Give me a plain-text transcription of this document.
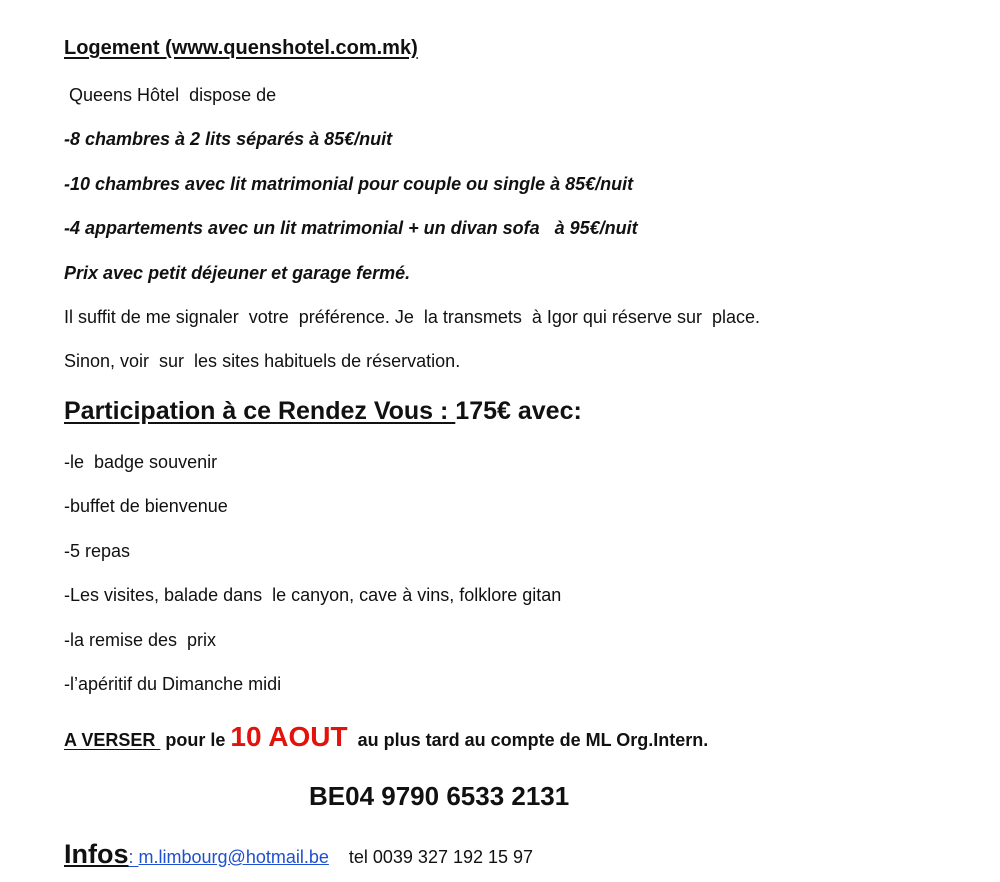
Logement (www.quenshotel.com.mk)
Queens Hôtel  dispose de
-8 chambres à 2 lits séparés à 85€/nuit
-10 chambres avec lit matrimonial pour couple ou single à 85€/nuit
-4 appartements avec un lit matrimonial + un divan sofa   à 95€/nuit
Prix avec petit déjeuner et garage fermé.
Il suffit de me signaler  votre  préférence. Je  la transmets  à Igor qui réserve sur  place.
Sinon, voir  sur  les sites habituels de réservation.
Participation à ce Rendez Vous : 175€ avec:
-le  badge souvenir
-buffet de bienvenue
-5 repas
-Les visites, balade dans  le canyon, cave à vins, folklore gitan
-la remise des  prix
-l’apéritif du Dimanche midi
A VERSER  pour le 10 AOUT  au plus tard au compte de ML Org.Intern.
BE04 9790 6533 2131
Infos: m.limbourg@hotmail.be    tel 0039 327 192 15 97
